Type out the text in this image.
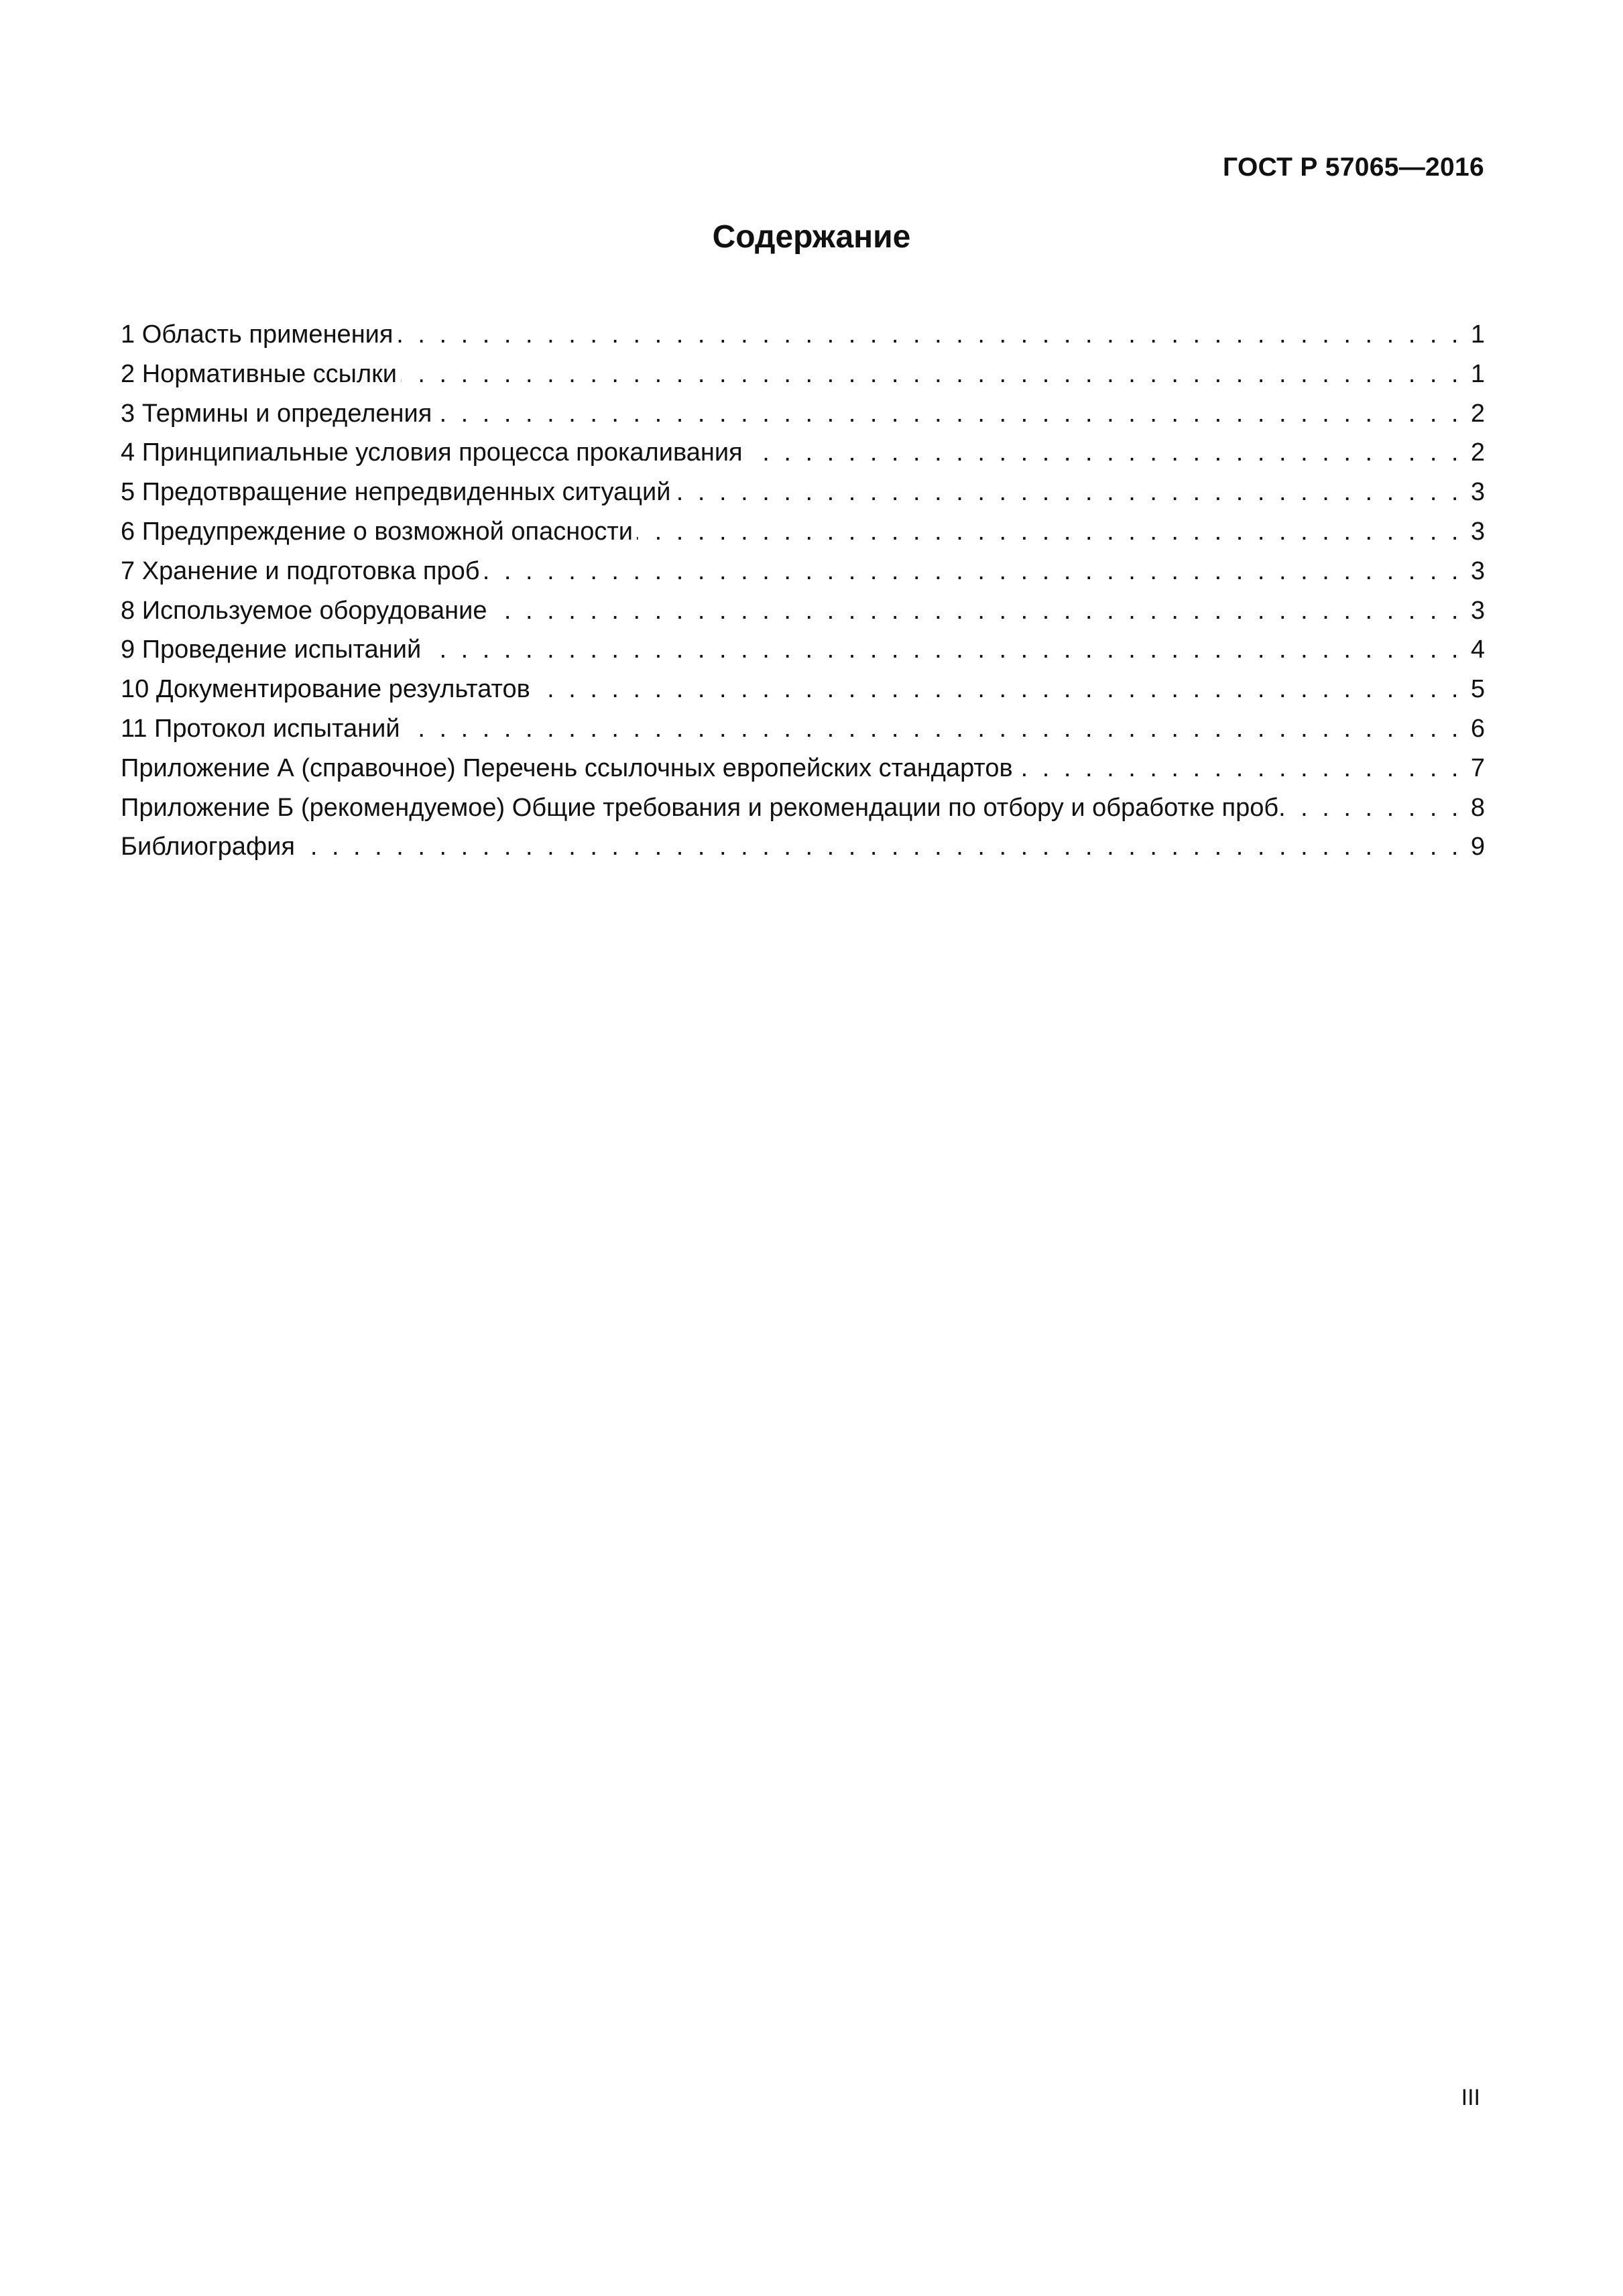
ГОСТ Р 57065—2016
Содержание
1 Область применения . . .	1
2 Нормативные ссылки . . .	1
3 Термины и определения . . .	2
4 Принципиальные условия процесса прокаливания . . .	2
5 Предотвращение непредвиденных ситуаций . . .	3
6 Предупреждение о возможной опасности . . .	3
7 Хранение и подготовка проб . . .	3
8 Используемое оборудование . . .	3
9 Проведение испытаний . . .	4
10 Документирование результатов . . .	5
11 Протокол испытаний . . .	6
Приложение А (справочное) Перечень ссылочных европейских стандартов . . .	7
Приложение Б (рекомендуемое) Общие требования и рекомендации по отбору и обработке проб. . . .	8
Библиография . . .	9
III
